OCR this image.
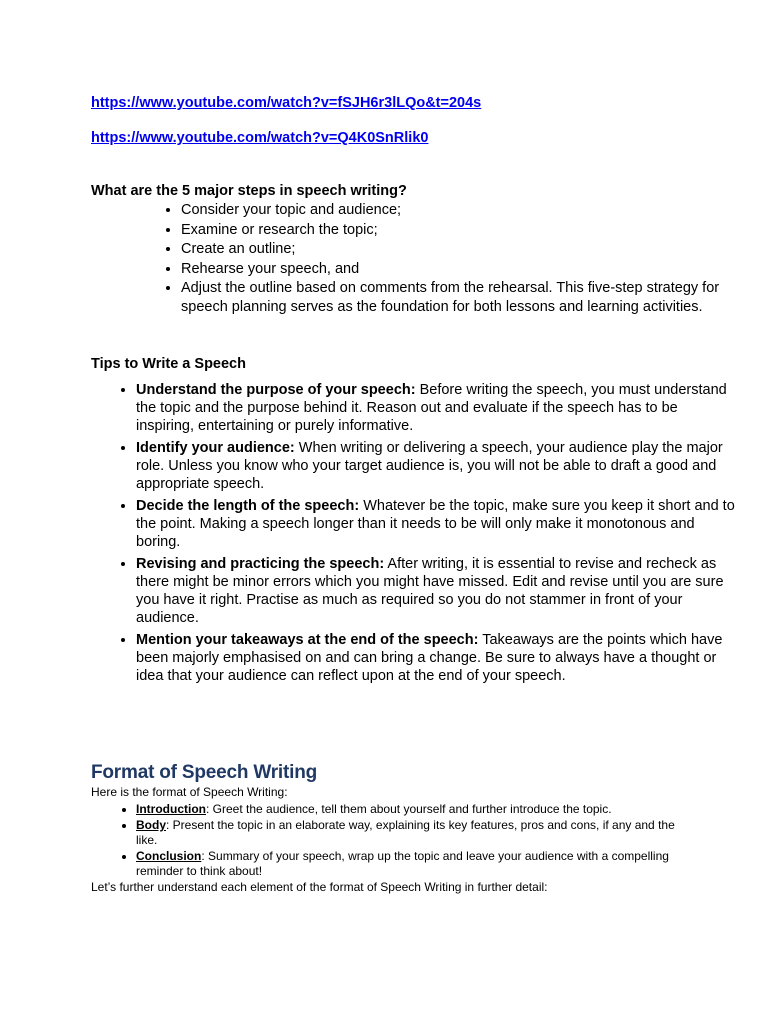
https://www.youtube.com/watch?v=fSJH6r3lLQo&t=204s
https://www.youtube.com/watch?v=Q4K0SnRlik0
What are the 5 major steps in speech writing?
• Consider your topic and audience;
• Examine or research the topic;
• Create an outline;
• Rehearse your speech, and
• Adjust the outline based on comments from the rehearsal. This five-step strategy for speech planning serves as the foundation for both lessons and learning activities.
Tips to Write a Speech
• Understand the purpose of your speech: Before writing the speech, you must understand the topic and the purpose behind it. Reason out and evaluate if the speech has to be inspiring, entertaining or purely informative.
• Identify your audience: When writing or delivering a speech, your audience play the major role. Unless you know who your target audience is, you will not be able to draft a good and appropriate speech.
• Decide the length of the speech: Whatever be the topic, make sure you keep it short and to the point. Making a speech longer than it needs to be will only make it monotonous and boring.
• Revising and practicing the speech: After writing, it is essential to revise and recheck as there might be minor errors which you might have missed. Edit and revise until you are sure you have it right. Practise as much as required so you do not stammer in front of your audience.
• Mention your takeaways at the end of the speech: Takeaways are the points which have been majorly emphasised on and can bring a change. Be sure to always have a thought or idea that your audience can reflect upon at the end of your speech.
Format of Speech Writing
Here is the format of Speech Writing:
• Introduction: Greet the audience, tell them about yourself and further introduce the topic.
• Body: Present the topic in an elaborate way, explaining its key features, pros and cons, if any and the like.
• Conclusion: Summary of your speech, wrap up the topic and leave your audience with a compelling reminder to think about!
Let’s further understand each element of the format of Speech Writing in further detail:
